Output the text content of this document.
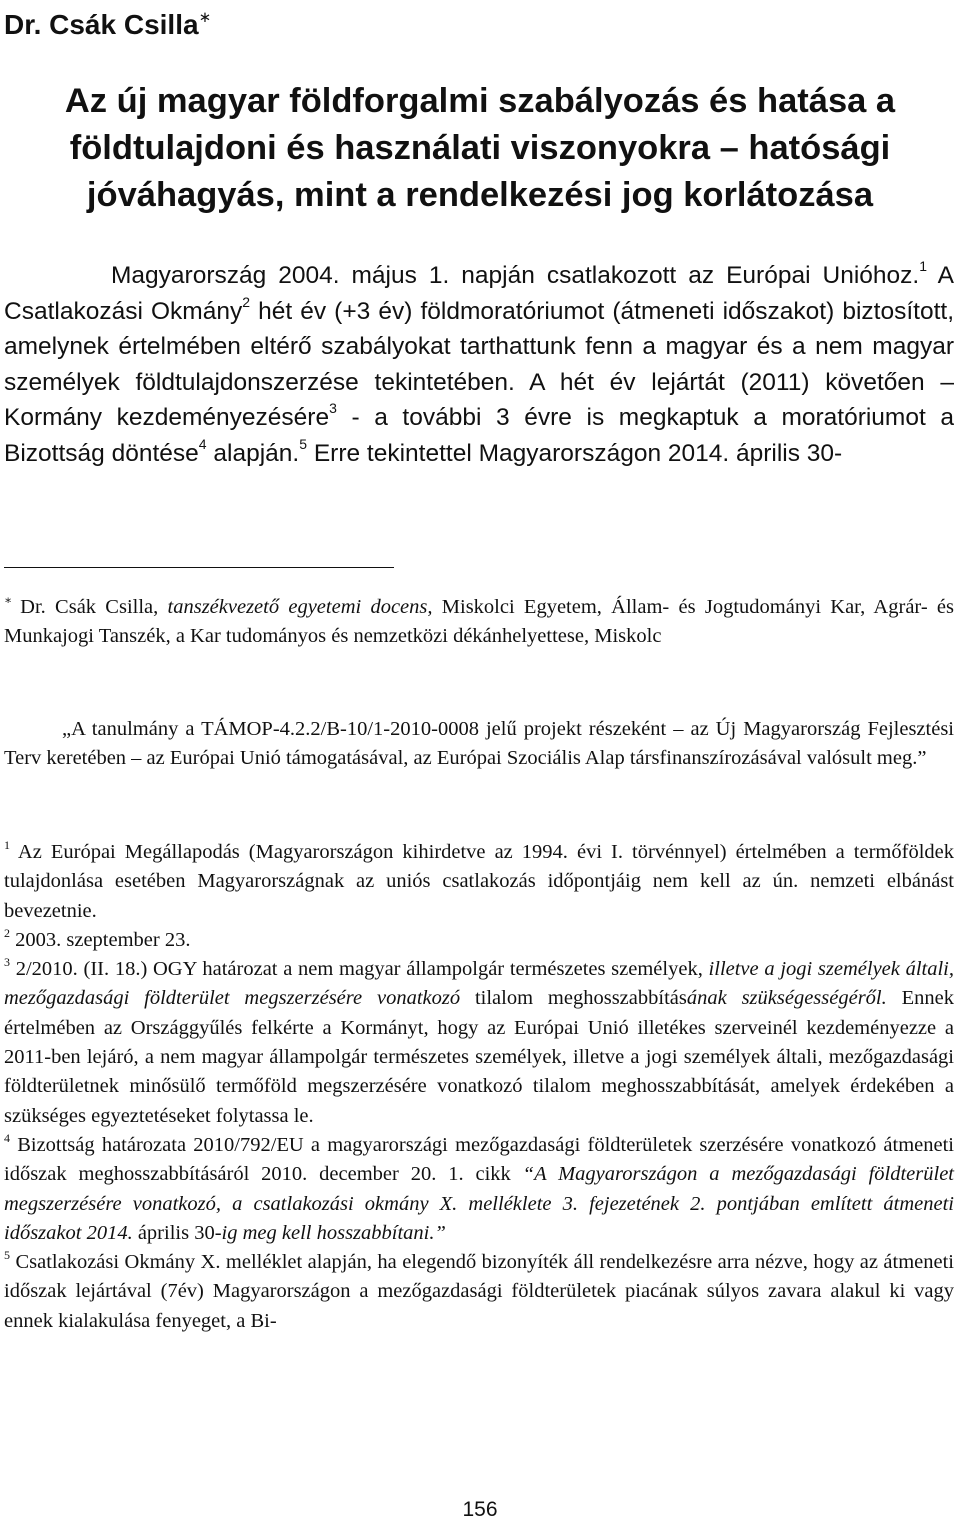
Dr. Csák Csilla∗
Az új magyar földforgalmi szabályozás és hatása a
földtulajdoni és használati viszonyokra – hatósági
jóváhagyás, mint a rendelkezési jog korlátozása
Magyarország 2004. május 1. napján csatlakozott az Európai Unióhoz.$^1$ A Csatlakozási Okmány$^2$ hét év (+3 év) földmoratóriumot (átmeneti időszakot) biztosított, amelynek értelmében eltérő szabályokat tarthattunk fenn a magyar és a nem magyar személyek földtulajdonszerzése tekintetében. A hét év lejártát (2011) követően – Kormány kezdeményezésére$^3$ - a további 3 évre is megkaptuk a moratóriumot a Bizottság döntése$^4$ alapján.$^5$ Erre tekintettel Magyarországon 2014. április 30-

∗ Dr. Csák Csilla, tanszékvezető egyetemi docens, Miskolci Egyetem, Állam- és Jogtudományi Kar, Agrár- és Munkajogi Tanszék, a Kar tudományos és nemzetközi dékánhelyettese, Miskolc

„A tanulmány a TÁMOP-4.2.2/B-10/1-2010-0008 jelű projekt részeként – az Új Magyarország Fejlesztési Terv keretében – az Európai Unió támogatásával, az Európai Szociális Alap társfinanszírozásával valósult meg.”

$^1$ Az Európai Megállapodás (Magyarországon kihirdetve az 1994. évi I. törvénnyel) értelmében a termőföldek tulajdonlása esetében Magyarországnak az uniós csatlakozás időpontjáig nem kell az ún. nemzeti elbánást bevezetnie.

$^2$ 2003. szeptember 23.

$^3$ 2/2010. (II. 18.) OGY határozat a nem magyar állampolgár természetes személyek, illetve a jogi személyek általi, mezőgazdasági földterület megszerzésére vonatkozó tilalom meghosszabbításának szükségességéről. Ennek értelmében az Országgyűlés felkérte a Kormányt, hogy az Európai Unió illetékes szerveinél kezdeményezze a 2011-ben lejáró, a nem magyar állampolgár természetes személyek, illetve a jogi személyek általi, mezőgazdasági földterületnek minősülő termőföld megszerzésére vonatkozó tilalom meghosszabbítását, amelyek érdekében a szükséges egyeztetéseket folytassa le.

$^4$ Bizottság határozata 2010/792/EU a magyarországi mezőgazdasági földterületek szerzésére vonatkozó átmeneti időszak meghosszabbításáról 2010. december 20. 1. cikk “A Magyarországon a mezőgazdasági földterület megszerzésére vonatkozó, a csatlakozási okmány X. melléklete 3. fejezetének 2. pontjában említett átmeneti időszakot 2014. április 30-ig meg kell hosszabbítani.”

$^5$ Csatlakozási Okmány X. melléklet alapján, ha elegendő bizonyíték áll rendelkezésre arra nézve, hogy az átmeneti időszak lejártával (7év) Magyarországon a mezőgazdasági földterületek piacának súlyos zavara alakul ki vagy ennek kialakulása fenyeget, a Bi-

156
